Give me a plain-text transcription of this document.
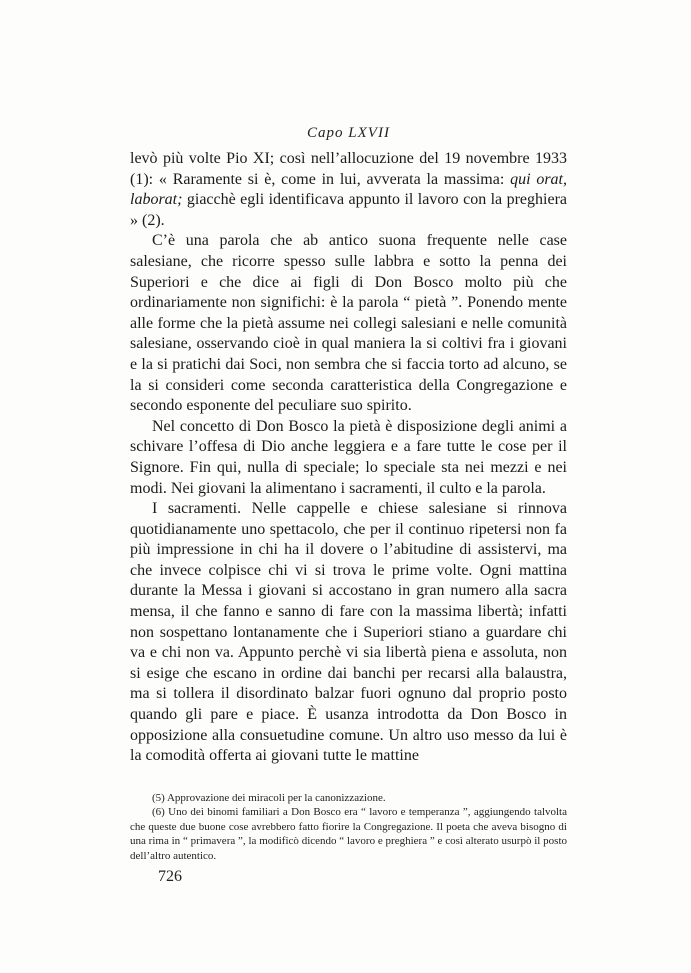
Capo LXVII

levò più volte Pio XI; così nell’allocuzione del 19 novembre 1933 (1): « Raramente si è, come in lui, avverata la massima: qui orat, laborat; giacchè egli identificava appunto il lavoro con la preghiera » (2).

C’è una parola che ab antico suona frequente nelle case salesiane, che ricorre spesso sulle labbra e sotto la penna dei Superiori e che dice ai figli di Don Bosco molto più che ordinariamente non significhi: è la parola “ pietà ”. Ponendo mente alle forme che la pietà assume nei collegi salesiani e nelle comunità salesiane, osservando cioè in qual maniera la si coltivi fra i giovani e la si pratichi dai Soci, non sembra che si faccia torto ad alcuno, se la si consideri come seconda caratteristica della Congregazione e secondo esponente del peculiare suo spirito.

Nel concetto di Don Bosco la pietà è disposizione degli animi a schivare l’offesa di Dio anche leggiera e a fare tutte le cose per il Signore. Fin qui, nulla di speciale; lo speciale sta nei mezzi e nei modi. Nei giovani la alimentano i sacramenti, il culto e la parola.

I sacramenti. Nelle cappelle e chiese salesiane si rinnova quotidianamente uno spettacolo, che per il continuo ripetersi non fa più impressione in chi ha il dovere o l’abitudine di assistervi, ma che invece colpisce chi vi si trova le prime volte. Ogni mattina durante la Messa i giovani si accostano in gran numero alla sacra mensa, il che fanno e sanno di fare con la massima libertà; infatti non sospettano lontanamente che i Superiori stiano a guardare chi va e chi non va. Appunto perchè vi sia libertà piena e assoluta, non si esige che escano in ordine dai banchi per recarsi alla balaustra, ma si tollera il disordinato balzar fuori ognuno dal proprio posto quando gli pare e piace. È usanza introdotta da Don Bosco in opposizione alla consuetudine comune. Un altro uso messo da lui è la comodità offerta ai giovani tutte le mattine

(5) Approvazione dei miracoli per la canonizzazione.

(6) Uno dei binomi familiari a Don Bosco era “ lavoro e temperanza ”, aggiungendo talvolta che queste due buone cose avrebbero fatto fiorire la Congregazione. Il poeta che aveva bisogno di una rima in “ primavera ”, la modificò dicendo “ lavoro e preghiera ” e così alterato usurpò il posto dell’altro autentico.

726
